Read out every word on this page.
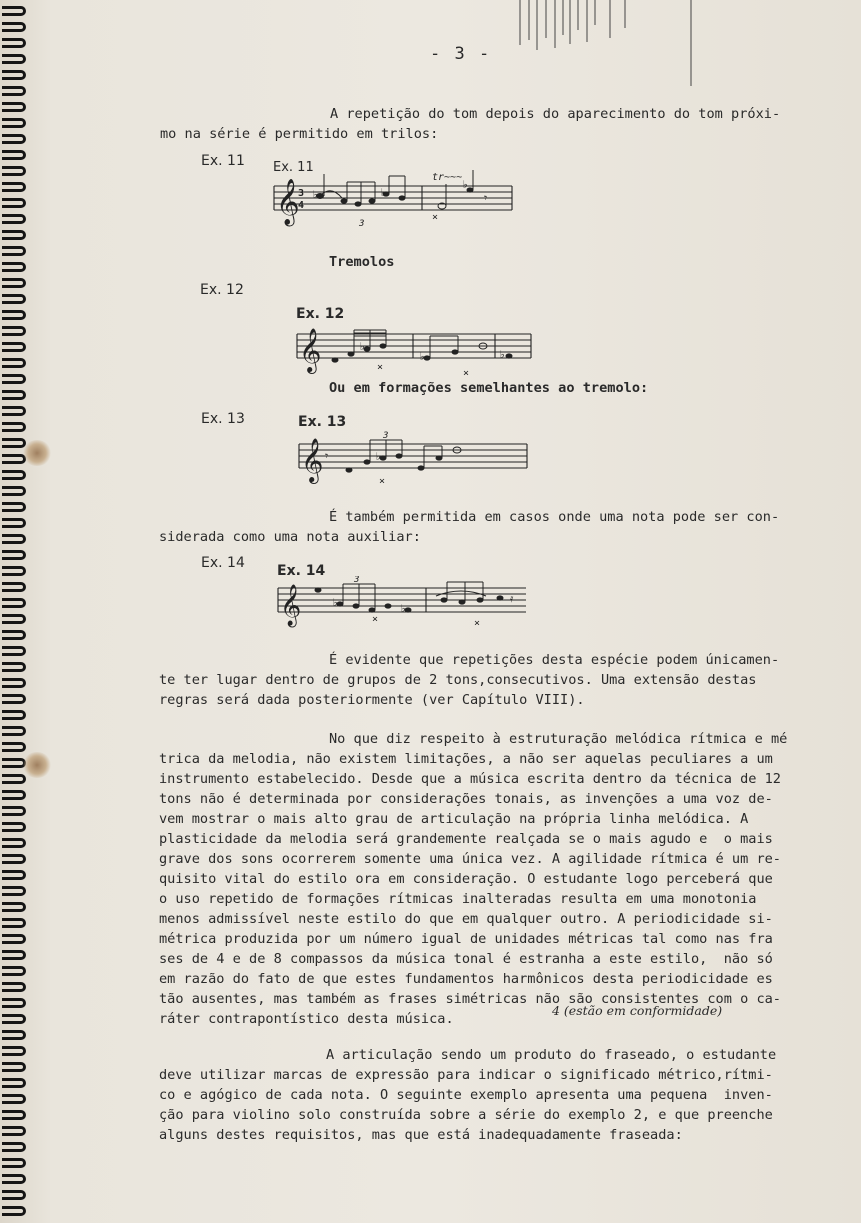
- 3 -
A repetição do tom depois do aparecimento do tom próxi-
mo na série é permitido em trilos:
Ex. 11 Ex. 11
𝄞
3
4
♭	♭
♭
tr~~~
3
×
𝄾
Tremolos
Ex. 12
Ex. 12
𝄞	♭
♭	♭
×
×
Ou em formações semelhantes ao tremolo:
Ex. 13	Ex. 13
𝄞 𝄾
3
♭
×
É também permitida em casos onde uma nota pode ser con-
siderada como uma nota auxiliar:
Ex. 14 Ex. 14
𝄞
3
♭	♭
×	×
𝄿
É evidente que repetições desta espécie podem únicamen-
te ter lugar dentro de grupos de 2 tons,consecutivos. Uma extensão destas
regras será dada posteriormente (ver Capítulo VIII).
No que diz respeito à estruturação melódica rítmica e mé
trica da melodia, não existem limitações, a não ser aquelas peculiares a um
instrumento estabelecido. Desde que a música escrita dentro da técnica de 12
tons não é determinada por considerações tonais, as invenções a uma voz de-
vem mostrar o mais alto grau de articulação na própria linha melódica. A
plasticidade da melodia será grandemente realçada se o mais agudo e  o mais
grave dos sons ocorrerem somente uma única vez. A agilidade rítmica é um re-
quisito vital do estilo ora em consideração. O estudante logo perceberá que
o uso repetido de formações rítmicas inalteradas resulta em uma monotonia
menos admissível neste estilo do que em qualquer outro. A periodicidade si-
métrica produzida por um número igual de unidades métricas tal como nas fra
ses de 4 e de 8 compassos da música tonal é estranha a este estilo,  não só
em razão do fato de que estes fundamentos harmônicos desta periodicidade es
tão ausentes, mas também as frases simétricas não são consistentes com o ca-
ráter contrapontístico desta música.
4 (estão em conformidade)
A articulação sendo um produto do fraseado, o estudante
deve utilizar marcas de expressão para indicar o significado métrico,rítmi-
co e agógico de cada nota. O seguinte exemplo apresenta uma pequena  inven-
ção para violino solo construída sobre a série do exemplo 2, e que preenche
alguns destes requisitos, mas que está inadequadamente fraseada:
